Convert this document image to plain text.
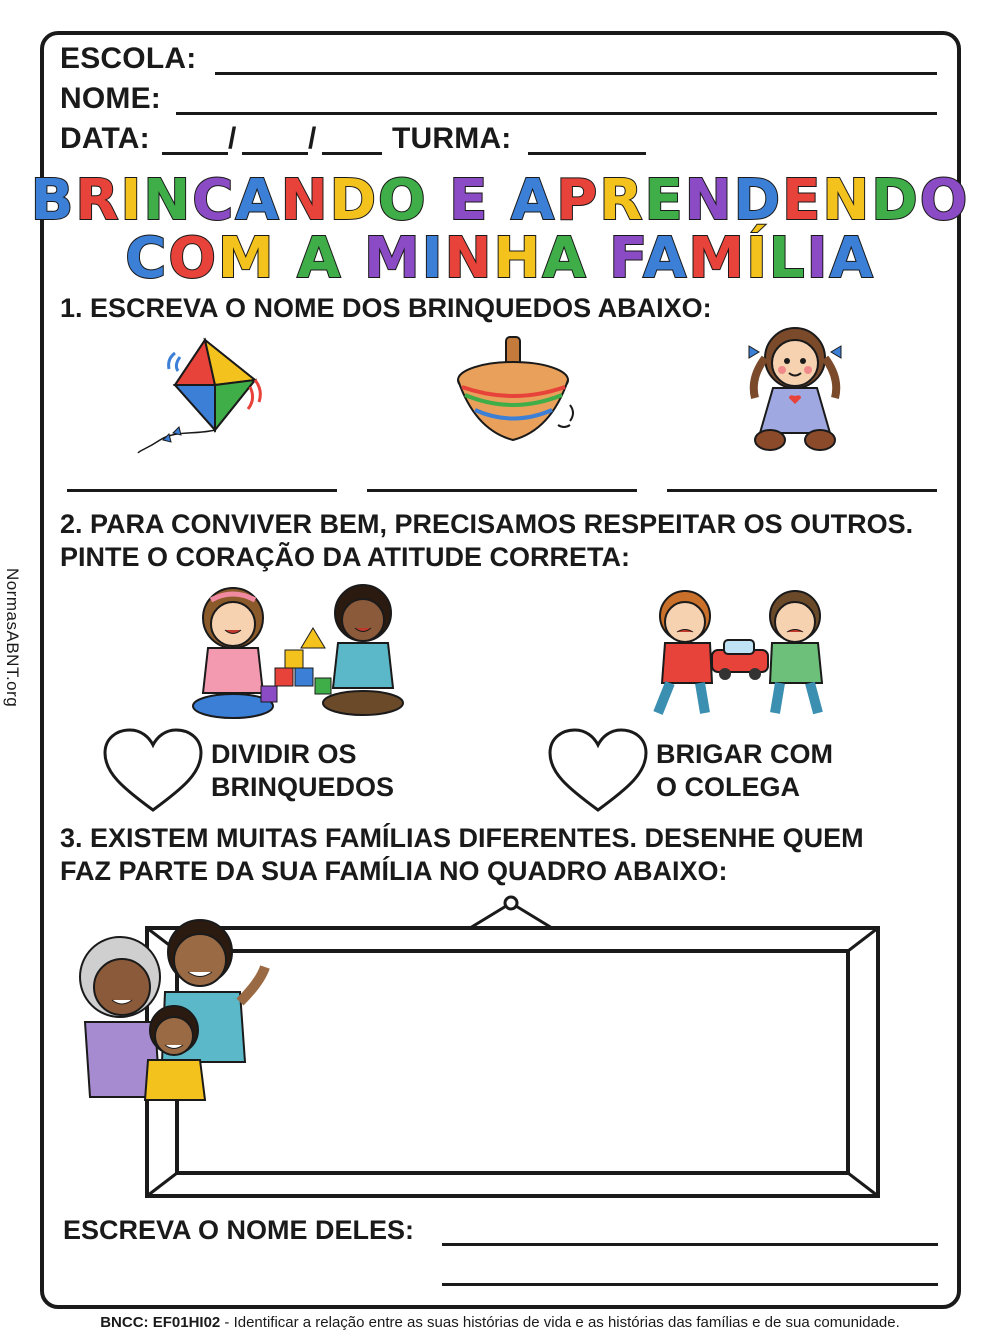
NormasABNT.org
ESCOLA:
NOME:
DATA:	/ /	TURMA:
BRINCANDO E APRENDENDO
COM A MINHA FAMÍLIA
1. ESCREVA O NOME DOS BRINQUEDOS ABAIXO:
2. PARA CONVIVER BEM, PRECISAMOS RESPEITAR OS OUTROS.
PINTE O CORAÇÃO DA ATITUDE CORRETA:
DIVIDIR OS
BRINQUEDOS
BRIGAR COM
O COLEGA
3. EXISTEM MUITAS FAMÍLIAS DIFERENTES. DESENHE QUEM
FAZ PARTE DA SUA FAMÍLIA NO QUADRO ABAIXO:
ESCREVA O NOME DELES:
BNCC: EF01HI02 - Identificar a relação entre as suas histórias de vida e as histórias das famílias e de sua comunidade.
